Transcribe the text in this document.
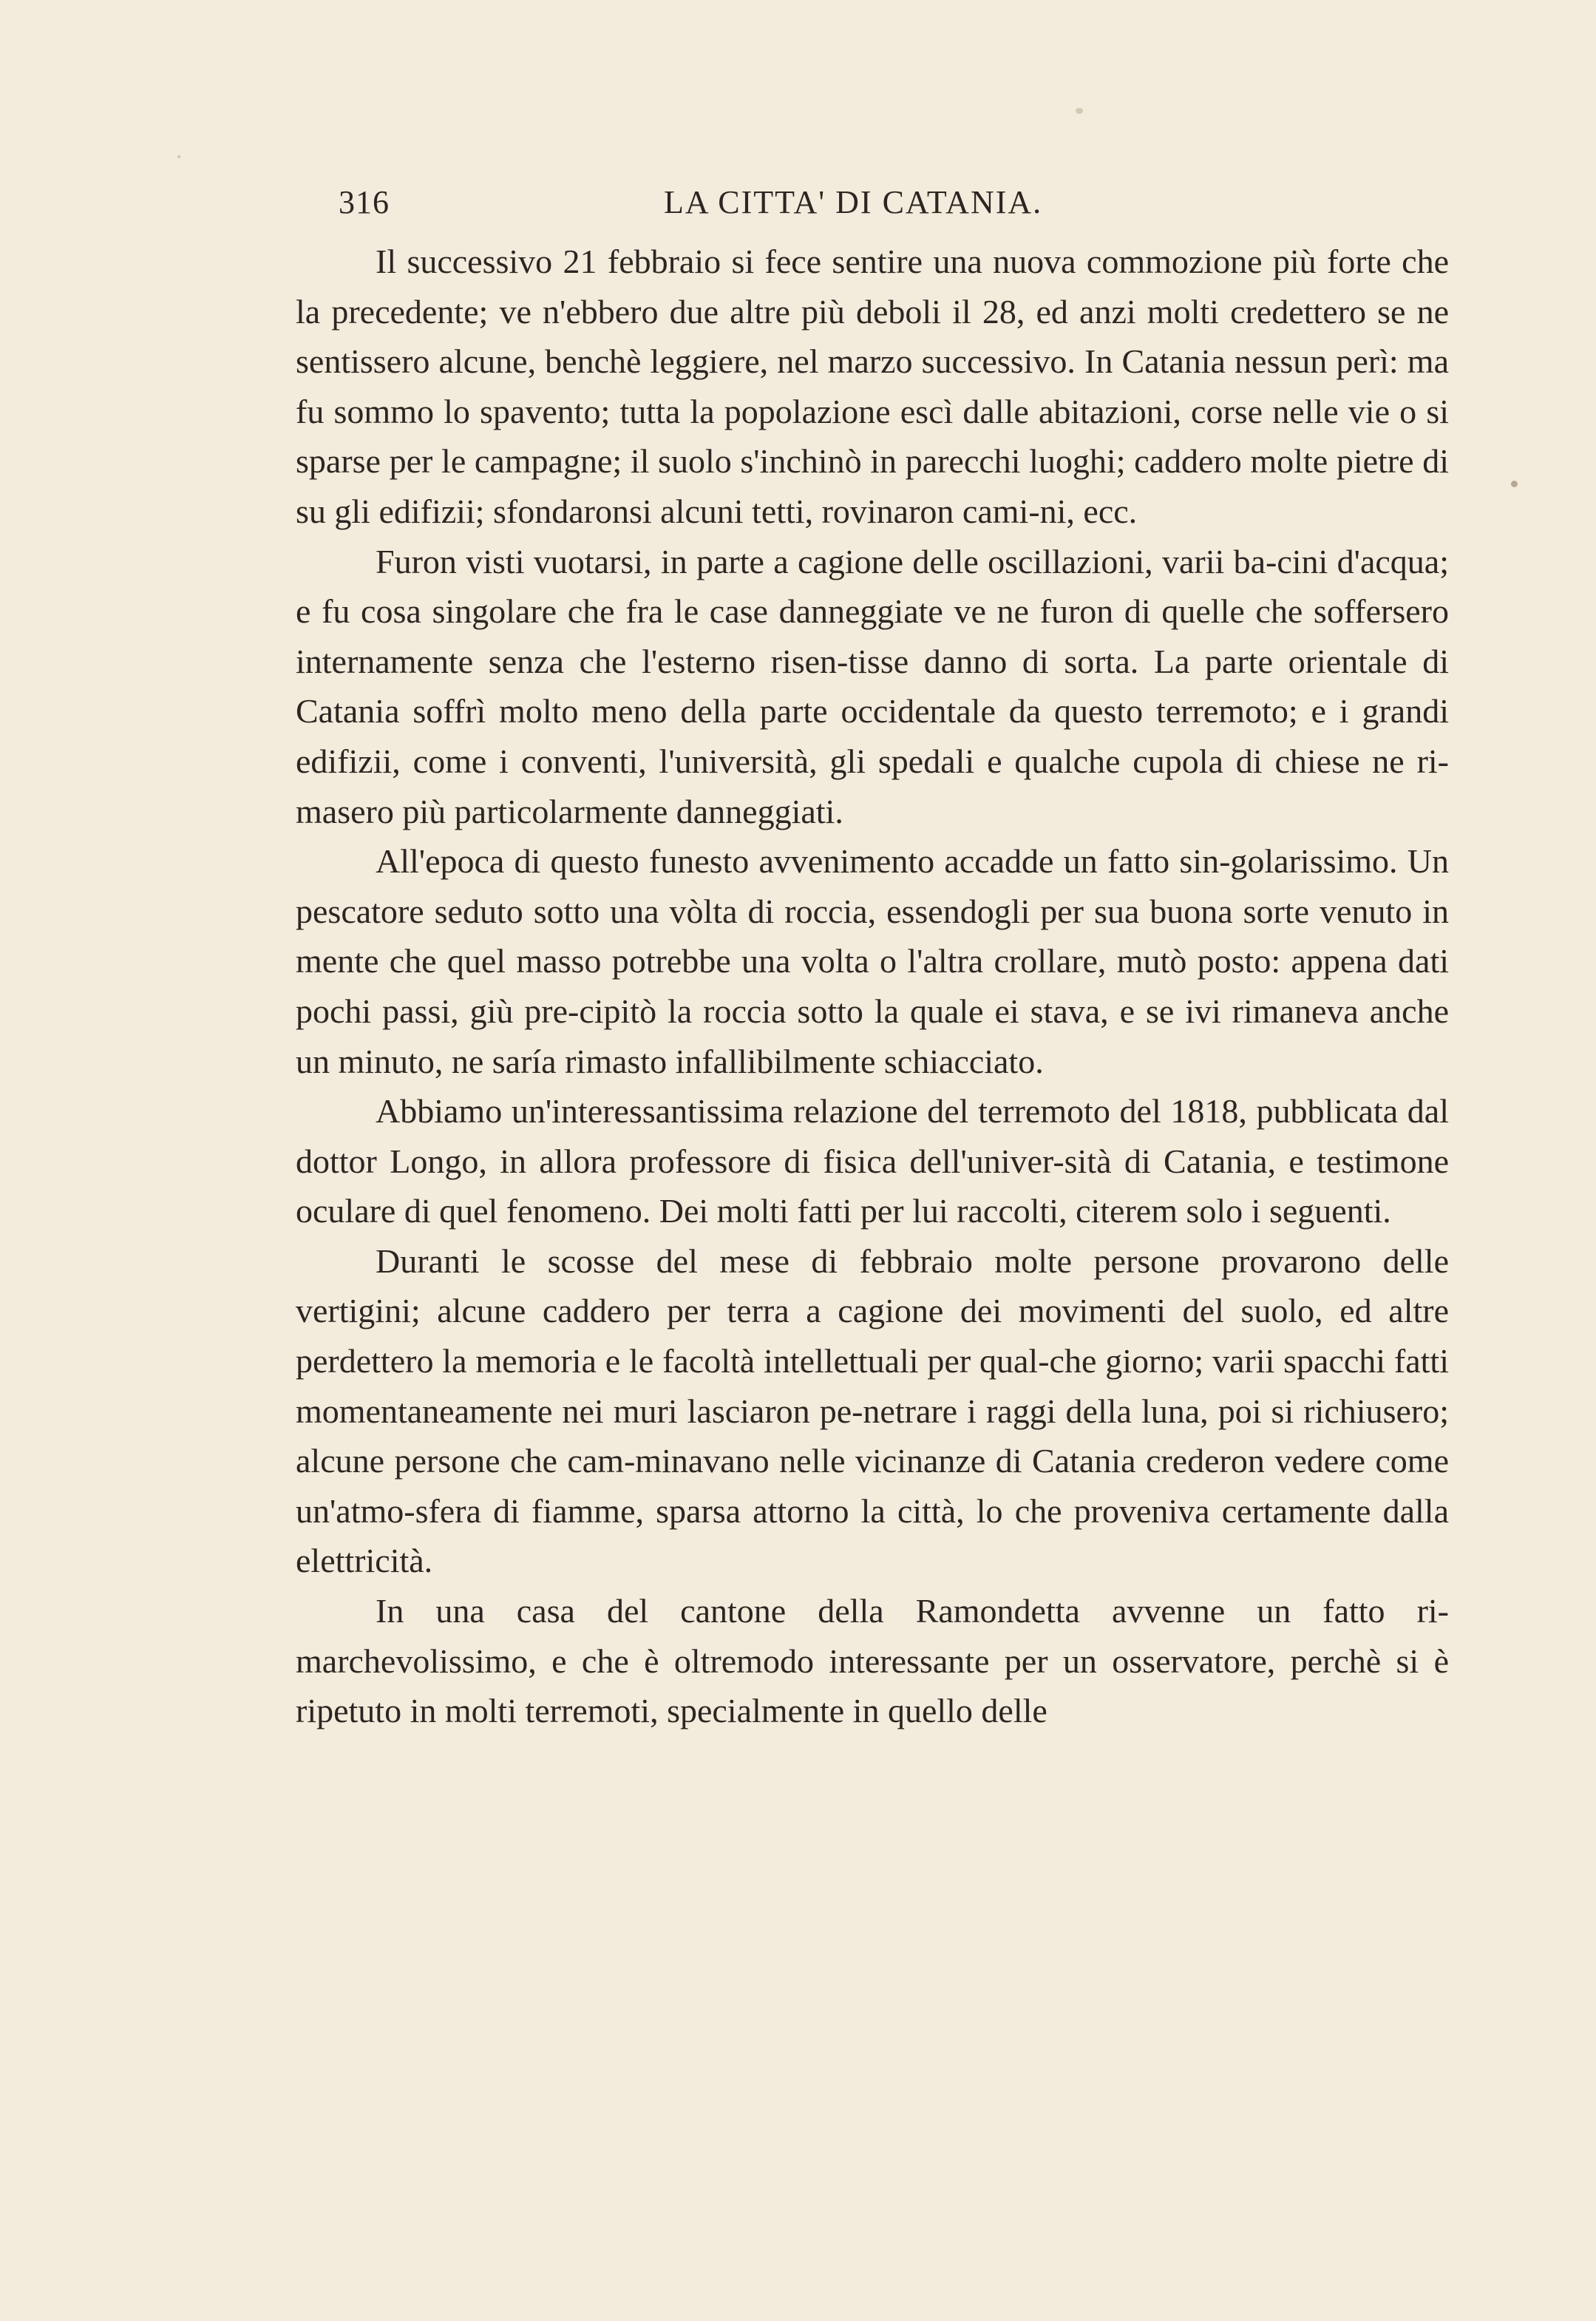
316	LA CITTA' DI CATANIA.

Il successivo 21 febbraio si fece sentire una nuova commozione più forte che la precedente; ve n'ebbero due altre più deboli il 28, ed anzi molti credettero se ne sentissero alcune, benchè leggiere, nel marzo successivo. In Catania nessun perì: ma fu sommo lo spavento; tutta la popolazione escì dalle abitazioni, corse nelle vie o si sparse per le campagne; il suolo s'inchinò in parecchi luoghi; caddero molte pietre di su gli edifizii; sfondaronsi alcuni tetti, rovinaron cami-ni, ecc.

Furon visti vuotarsi, in parte a cagione delle oscillazioni, varii ba-cini d'acqua; e fu cosa singolare che fra le case danneggiate ve ne furon di quelle che soffersero internamente senza che l'esterno risen-tisse danno di sorta. La parte orientale di Catania soffrì molto meno della parte occidentale da questo terremoto; e i grandi edifizii, come i conventi, l'università, gli spedali e qualche cupola di chiese ne ri-masero più particolarmente danneggiati.

All'epoca di questo funesto avvenimento accadde un fatto sin-golarissimo. Un pescatore seduto sotto una vòlta di roccia, essendogli per sua buona sorte venuto in mente che quel masso potrebbe una volta o l'altra crollare, mutò posto: appena dati pochi passi, giù pre-cipitò la roccia sotto la quale ei stava, e se ivi rimaneva anche un minuto, ne saría rimasto infallibilmente schiacciato.

Abbiamo un'interessantissima relazione del terremoto del 1818, pubblicata dal dottor Longo, in allora professore di fisica dell'univer-sità di Catania, e testimone oculare di quel fenomeno. Dei molti fatti per lui raccolti, citerem solo i seguenti.

Duranti le scosse del mese di febbraio molte persone provarono delle vertigini; alcune caddero per terra a cagione dei movimenti del suolo, ed altre perdettero la memoria e le facoltà intellettuali per qual-che giorno; varii spacchi fatti momentaneamente nei muri lasciaron pe-netrare i raggi della luna, poi si richiusero; alcune persone che cam-minavano nelle vicinanze di Catania crederon vedere come un'atmo-sfera di fiamme, sparsa attorno la città, lo che proveniva certamente dalla elettricità.

In una casa del cantone della Ramondetta avvenne un fatto ri-marchevolissimo, e che è oltremodo interessante per un osservatore, perchè si è ripetuto in molti terremoti, specialmente in quello delle
